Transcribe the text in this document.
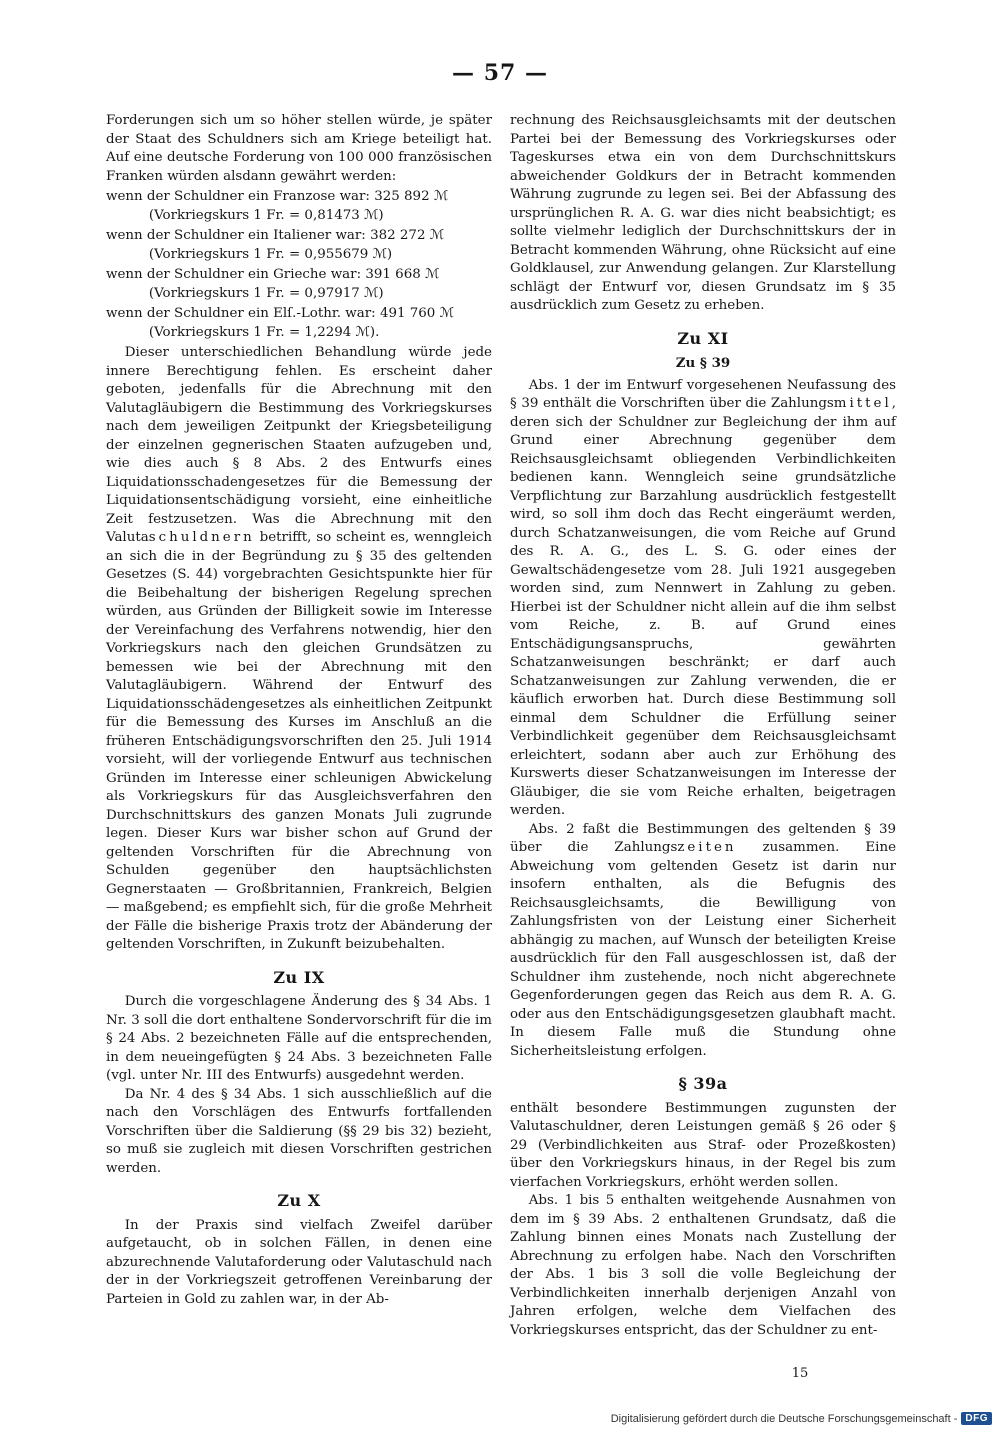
— 57 —

Forderungen sich um so höher stellen würde, je später der Staat des Schuldners sich am Kriege beteiligt hat. Auf eine deutsche Forderung von 100 000 französischen Franken würden alsdann gewährt werden:

wenn der Schuldner ein Franzose war: 325 892 ℳ
(Vorkriegskurs 1 Fr. = 0,81473 ℳ)

wenn der Schuldner ein Italiener war: 382 272 ℳ
(Vorkriegskurs 1 Fr. = 0,955679 ℳ)

wenn der Schuldner ein Grieche war: 391 668 ℳ
(Vorkriegskurs 1 Fr. = 0,97917 ℳ)

wenn der Schuldner ein Elſ.-Lothr. war: 491 760 ℳ
(Vorkriegskurs 1 Fr. = 1,2294 ℳ).

Dieser unterschiedlichen Behandlung würde jede innere Berechtigung fehlen. Es erscheint daher geboten, jedenfalls für die Abrechnung mit den Valutagläubigern die Bestimmung des Vorkriegskurses nach dem jeweiligen Zeitpunkt der Kriegsbeteiligung der einzelnen gegnerischen Staaten aufzugeben und, wie dies auch § 8 Abs. 2 des Entwurfs eines Liquidationsschadengesetzes für die Bemessung der Liquidationsentschädigung vorsieht, eine einheitliche Zeit festzusetzen. Was die Abrechnung mit den Valutaschuldnern betrifft, so scheint es, wenngleich an sich die in der Begründung zu § 35 des geltenden Gesetzes (S. 44) vorgebrachten Gesichtspunkte hier für die Beibehaltung der bisherigen Regelung sprechen würden, aus Gründen der Billigkeit sowie im Interesse der Vereinfachung des Verfahrens notwendig, hier den Vorkriegskurs nach den gleichen Grundsätzen zu bemessen wie bei der Abrechnung mit den Valutagläubigern. Während der Entwurf des Liquidationsschädengesetzes als einheitlichen Zeitpunkt für die Bemessung des Kurses im Anschluß an die früheren Entschädigungsvorschriften den 25. Juli 1914 vorsieht, will der vorliegende Entwurf aus technischen Gründen im Interesse einer schleunigen Abwickelung als Vorkriegskurs für das Ausgleichsverfahren den Durchschnittskurs des ganzen Monats Juli zugrunde legen. Dieser Kurs war bisher schon auf Grund der geltenden Vorschriften für die Abrechnung von Schulden gegenüber den hauptsächlichsten Gegnerstaaten — Großbritannien, Frankreich, Belgien — maßgebend; es empfiehlt sich, für die große Mehrheit der Fälle die bisherige Praxis trotz der Abänderung der geltenden Vorschriften, in Zukunft beizubehalten.

Zu IX

Durch die vorgeschlagene Änderung des § 34 Abs. 1 Nr. 3 soll die dort enthaltene Sondervorschrift für die im § 24 Abs. 2 bezeichneten Fälle auf die entsprechenden, in dem neueingefügten § 24 Abs. 3 bezeichneten Falle (vgl. unter Nr. III des Entwurfs) ausgedehnt werden.

Da Nr. 4 des § 34 Abs. 1 sich ausschließlich auf die nach den Vorschlägen des Entwurfs fortfallenden Vorschriften über die Saldierung (§§ 29 bis 32) bezieht, so muß sie zugleich mit diesen Vorschriften gestrichen werden.

Zu X

In der Praxis sind vielfach Zweifel darüber aufgetaucht, ob in solchen Fällen, in denen eine abzurechnende Valutaforderung oder Valutaschuld nach der in der Vorkriegszeit getroffenen Vereinbarung der Parteien in Gold zu zahlen war, in der Ab-

rechnung des Reichsausgleichsamts mit der deutschen Partei bei der Bemessung des Vorkriegskurses oder Tageskurses etwa ein von dem Durchschnittskurs abweichender Goldkurs der in Betracht kommenden Währung zugrunde zu legen sei. Bei der Abfassung des ursprünglichen R. A. G. war dies nicht beabsichtigt; es sollte vielmehr lediglich der Durchschnittskurs der in Betracht kommenden Währung, ohne Rücksicht auf eine Goldklausel, zur Anwendung gelangen. Zur Klarstellung schlägt der Entwurf vor, diesen Grundsatz im § 35 ausdrücklich zum Gesetz zu erheben.

Zu XI

Zu § 39

Abs. 1 der im Entwurf vorgesehenen Neufassung des § 39 enthält die Vorschriften über die Zahlungsmittel, deren sich der Schuldner zur Begleichung der ihm auf Grund einer Abrechnung gegenüber dem Reichsausgleichsamt obliegenden Verbindlichkeiten bedienen kann. Wenngleich seine grundsätzliche Verpflichtung zur Barzahlung ausdrücklich festgestellt wird, so soll ihm doch das Recht eingeräumt werden, durch Schatzanweisungen, die vom Reiche auf Grund des R. A. G., des L. S. G. oder eines der Gewaltschädengesetze vom 28. Juli 1921 ausgegeben worden sind, zum Nennwert in Zahlung zu geben. Hierbei ist der Schuldner nicht allein auf die ihm selbst vom Reiche, z. B. auf Grund eines Entschädigungsanspruchs, gewährten Schatzanweisungen beschränkt; er darf auch Schatzanweisungen zur Zahlung verwenden, die er käuflich erworben hat. Durch diese Bestimmung soll einmal dem Schuldner die Erfüllung seiner Verbindlichkeit gegenüber dem Reichsausgleichsamt erleichtert, sodann aber auch zur Erhöhung des Kurswerts dieser Schatzanweisungen im Interesse der Gläubiger, die sie vom Reiche erhalten, beigetragen werden.

Abs. 2 faßt die Bestimmungen des geltenden § 39 über die Zahlungszeiten zusammen. Eine Abweichung vom geltenden Gesetz ist darin nur insofern enthalten, als die Befugnis des Reichsausgleichsamts, die Bewilligung von Zahlungsfristen von der Leistung einer Sicherheit abhängig zu machen, auf Wunsch der beteiligten Kreise ausdrücklich für den Fall ausgeschlossen ist, daß der Schuldner ihm zustehende, noch nicht abgerechnete Gegenforderungen gegen das Reich aus dem R. A. G. oder aus den Entschädigungsgesetzen glaubhaft macht. In diesem Falle muß die Stundung ohne Sicherheitsleistung erfolgen.

§ 39a

enthält besondere Bestimmungen zugunsten der Valutaschuldner, deren Leistungen gemäß § 26 oder § 29 (Verbindlichkeiten aus Straf- oder Prozeßkosten) über den Vorkriegskurs hinaus, in der Regel bis zum vierfachen Vorkriegskurs, erhöht werden sollen.

Abs. 1 bis 5 enthalten weitgehende Ausnahmen von dem im § 39 Abs. 2 enthaltenen Grundsatz, daß die Zahlung binnen eines Monats nach Zustellung der Abrechnung zu erfolgen habe. Nach den Vorschriften der Abs. 1 bis 3 soll die volle Begleichung der Verbindlichkeiten innerhalb derjenigen Anzahl von Jahren erfolgen, welche dem Vielfachen des Vorkriegskurses entspricht, das der Schuldner zu ent-

15
Digitalisierung gefördert durch die Deutsche Forschungsgemeinschaft - DFG
